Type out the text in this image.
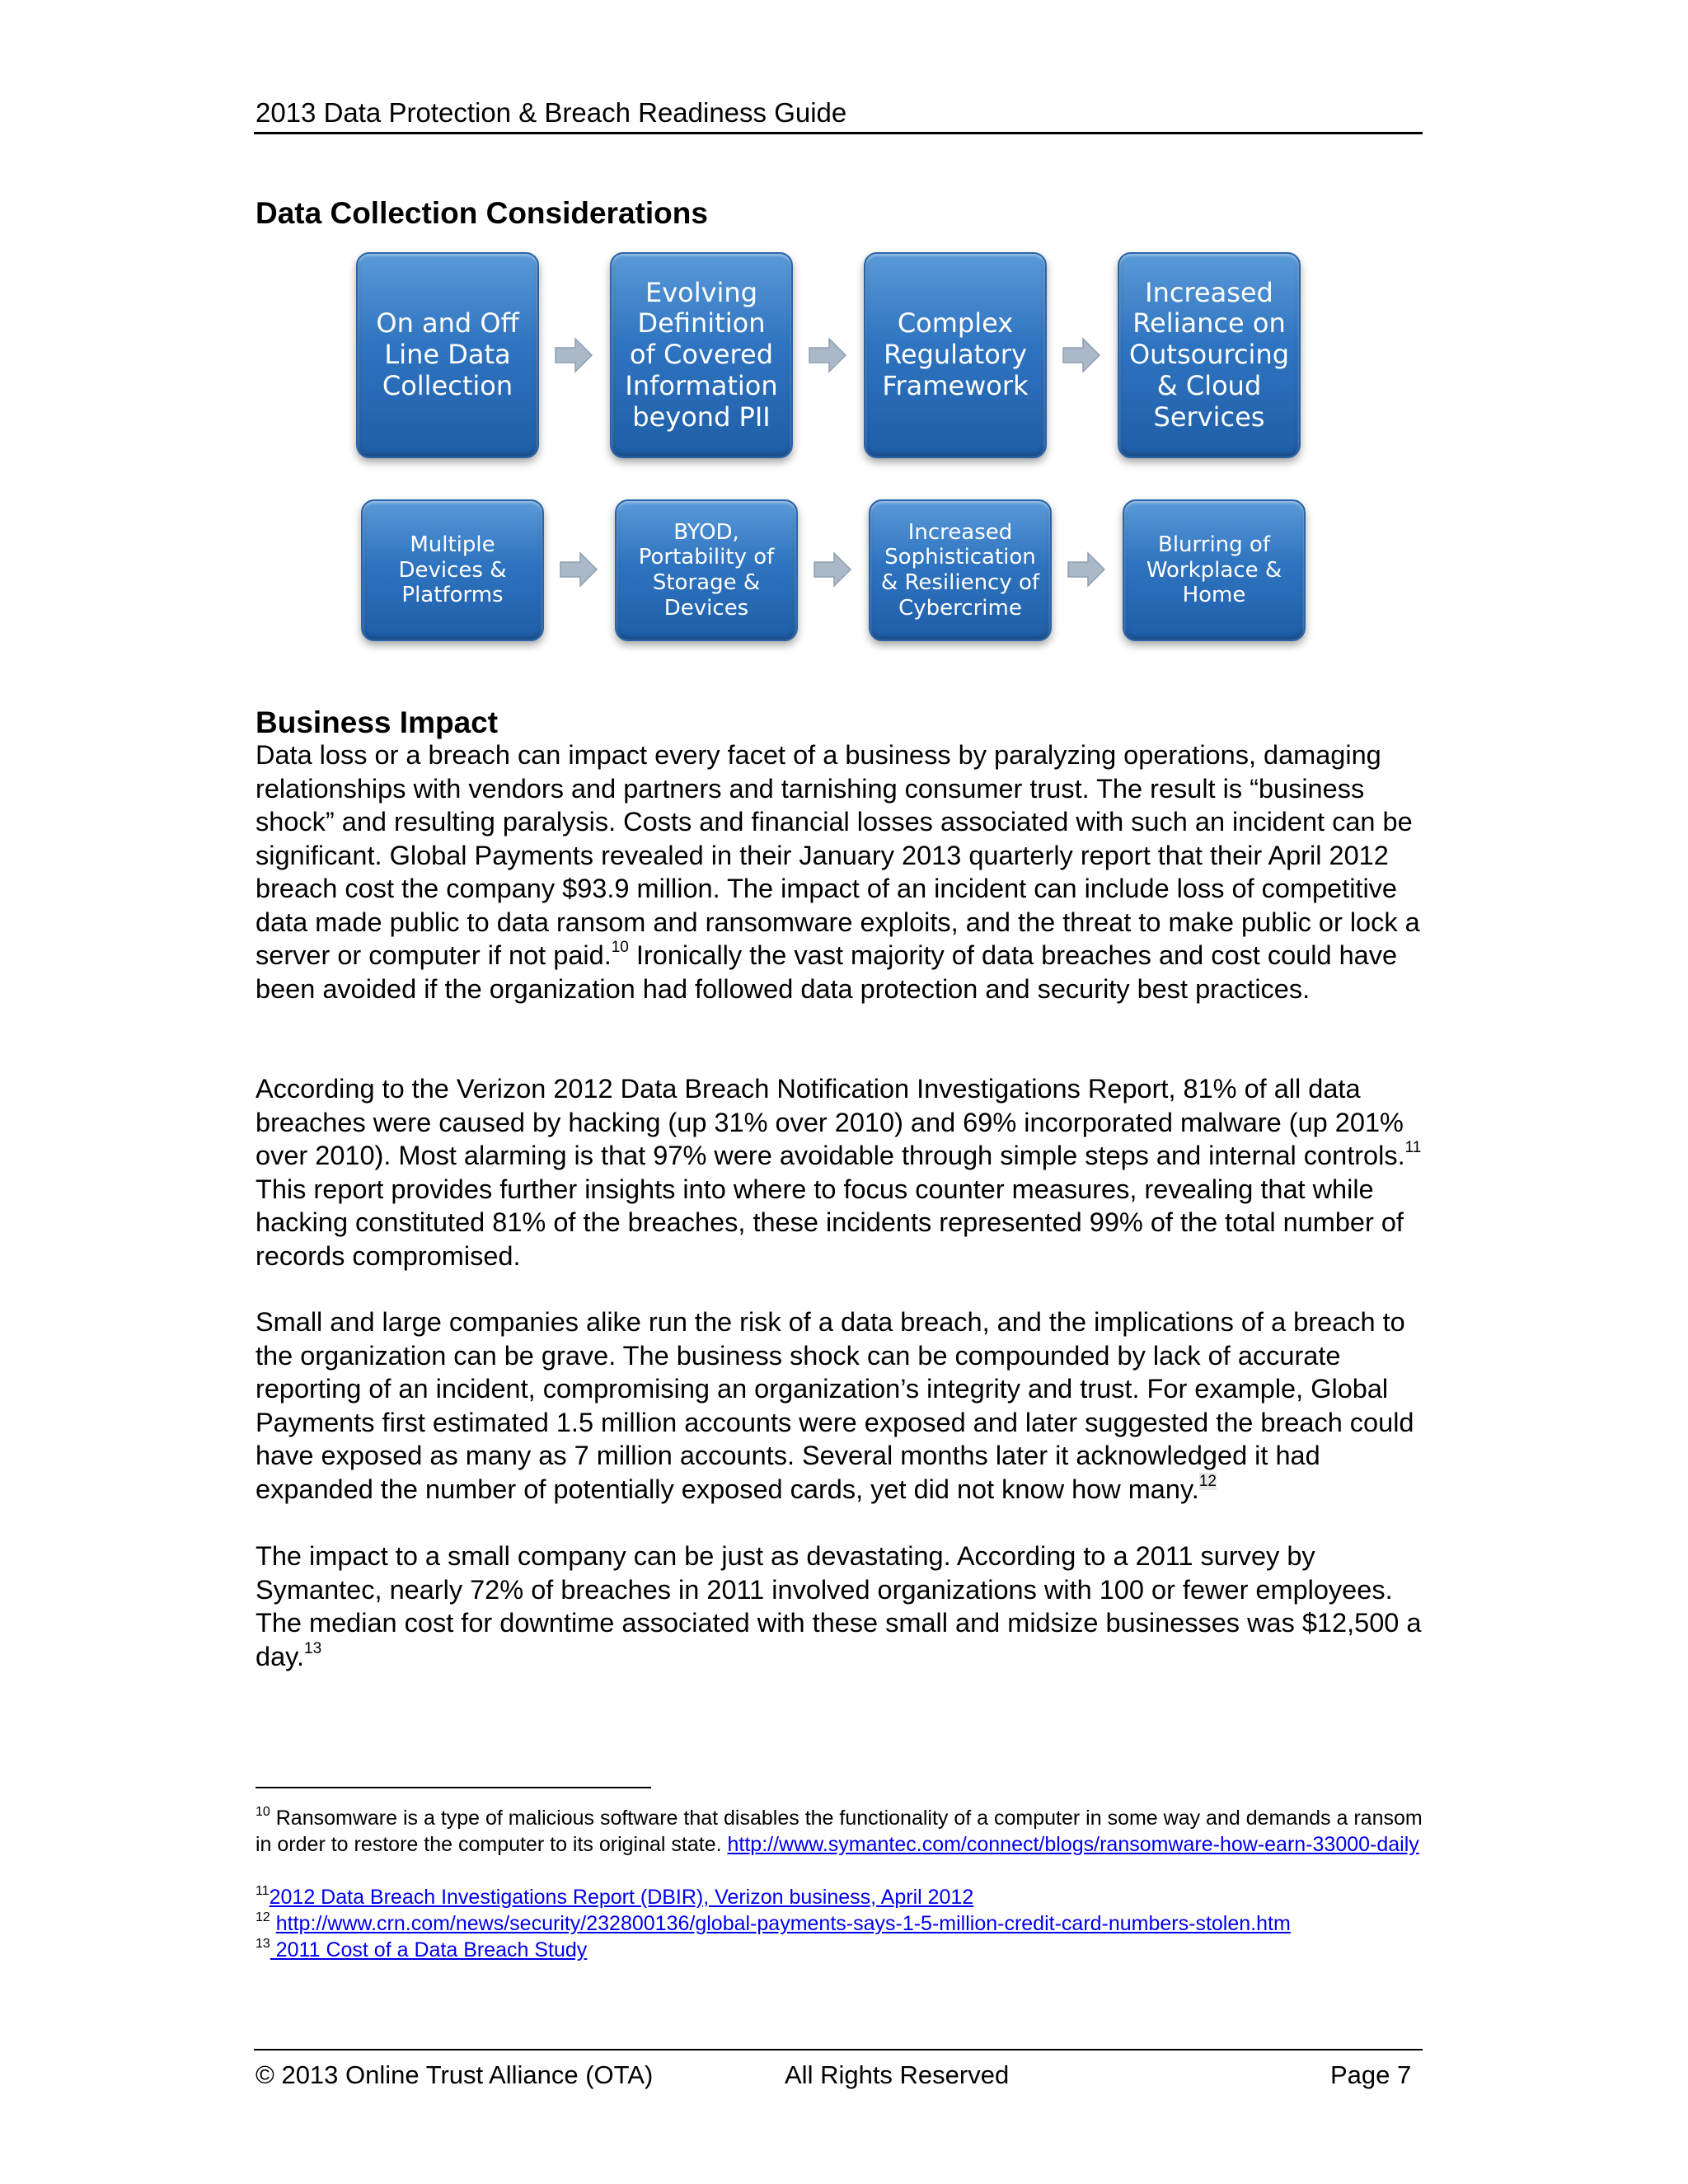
2013 Data Protection & Breach Readiness Guide
Data Collection Considerations
On and Off
Line Data
Collection
Evolving
Definition
of Covered
Information
beyond PII
Complex
Regulatory
Framework
Increased
Reliance on
Outsourcing
& Cloud
Services
Multiple
Devices &
Platforms
BYOD,
Portability of
Storage &
Devices
Increased
Sophistication
& Resiliency of
Cybercrime
Blurring of
Workplace &
Home
Business Impact

Data loss or a breach can impact every facet of a business by paralyzing operations, damaging relationships with vendors and partners and tarnishing consumer trust. The result is “business shock” and resulting paralysis. Costs and financial losses associated with such an incident can be significant. Global Payments revealed in their January 2013 quarterly report that their April 2012 breach cost the company $93.9 million. The impact of an incident can include loss of competitive data made public to data ransom and ransomware exploits, and the threat to make public or lock a server or computer if not paid.$^{10}$ Ironically the vast majority of data breaches and cost could have been avoided if the organization had followed data protection and security best practices.

According to the Verizon 2012 Data Breach Notification Investigations Report, 81% of all data breaches were caused by hacking (up 31% over 2010) and 69% incorporated malware (up 201% over 2010). Most alarming is that 97% were avoidable through simple steps and internal controls.$^{11}$ This report provides further insights into where to focus counter measures, revealing that while hacking constituted 81% of the breaches, these incidents represented 99% of the total number of records compromised.

Small and large companies alike run the risk of a data breach, and the implications of a breach to the organization can be grave. The business shock can be compounded by lack of accurate reporting of an incident, compromising an organization’s integrity and trust. For example, Global Payments first estimated 1.5 million accounts were exposed and later suggested the breach could have exposed as many as 7 million accounts. Several months later it acknowledged it had expanded the number of potentially exposed cards, yet did not know how many.$^{12}$

The impact to a small company can be just as devastating. According to a 2011 survey by Symantec, nearly 72% of breaches in 2011 involved organizations with 100 or fewer employees. The median cost for downtime associated with these small and midsize businesses was $12,500 a day.$^{13}$

$^{10}$ Ransomware is a type of malicious software that disables the functionality of a computer in some way and demands a ransom in order to restore the computer to its original state. http://www.symantec.com/connect/blogs/ransomware-how-earn-33000-daily

$^{11}$2012 Data Breach Investigations Report (DBIR), Verizon business, April 2012

$^{12}$ http://www.crn.com/news/security/232800136/global-payments-says-1-5-million-credit-card-numbers-stolen.htm

$^{13}$ 2011 Cost of a Data Breach Study

© 2013 Online Trust Alliance (OTA)	All Rights Reserved	Page 7
